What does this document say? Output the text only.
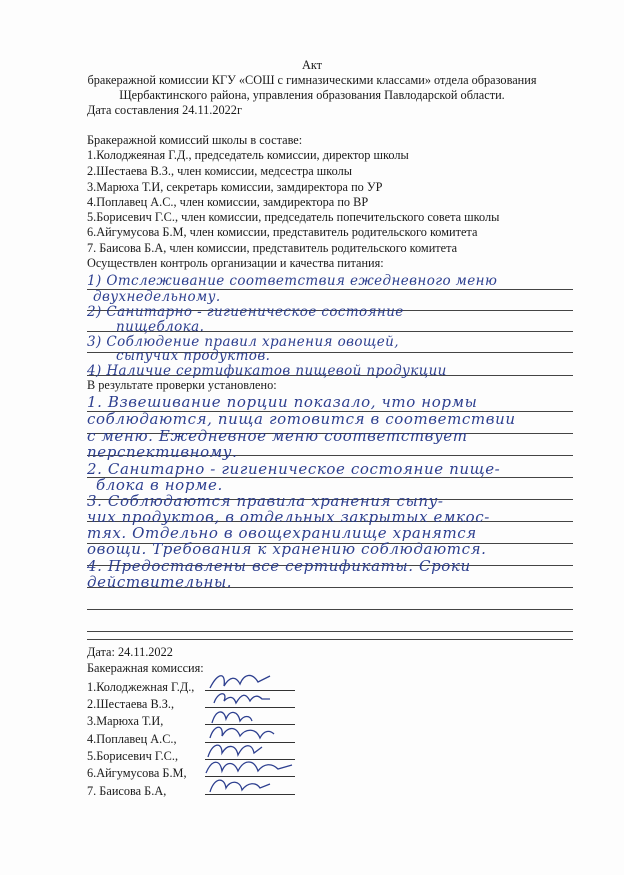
Акт
бракеражной комиссии КГУ «СОШ с гимназическими классами» отдела образования
Щербактинского района, управления образования Павлодарской области.
Дата составления 24.11.2022г
Бракеражной комиссий школы в составе:
1.Колоджеяная Г.Д., председатель комиссии, директор школы
2.Шестаева В.З., член комиссии, медсестра школы
3.Марюха Т.И, секретарь комиссии, замдиректора по УР
4.Поплавец А.С., член комиссии, замдиректора по ВР
5.Борисевич Г.С., член комиссии, председатель попечительского совета школы
6.Айгумусова Б.М, член комиссии, представитель родительского комитета
7. Баисова Б.А, член комиссии, представитель родительского комитета
Осуществлен контроль организации и качества питания:
1) Отслеживание соответствия ежедневного меню
двухнедельному.
2) Санитарно - гигиеническое состояние
пищеблока.
3) Соблюдение правил хранения овощей,
сыпучих продуктов.
4) Наличие сертификатов пищевой продукции
В результате проверки установлено:
1. Взвешивание порции показало, что нормы
соблюдаются, пища готовится в соответствии
с меню. Ежедневное меню соответствует
перспективному.
2. Санитарно - гигиеническое состояние пище-
блока в норме.
3. Соблюдаются правила хранения сыпу-
чих продуктов, в отдельных закрытых емкос-
тях. Отдельно в овощехранилище хранятся
овощи. Требования к хранению соблюдаются.
4. Предоставлены все сертификаты. Сроки
действительны.
Дата: 24.11.2022
Бакеражная комиссия:
1.Колоджежная Г.Д.,
2.Шестаева В.З.,
3.Марюха Т.И,
4.Поплавец А.С.,
5.Борисевич Г.С.,
6.Айгумусова Б.М,
7. Баисова Б.А,
